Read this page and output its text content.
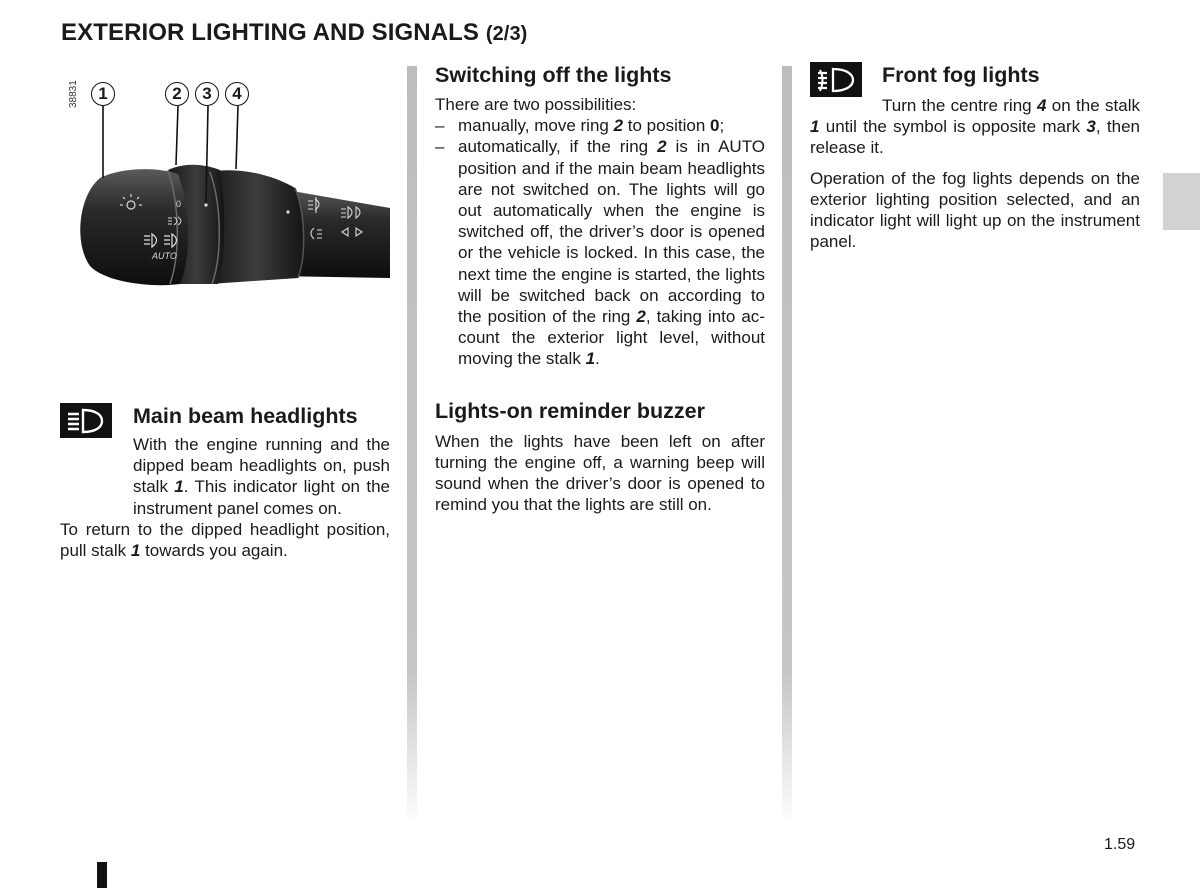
EXTERIOR LIGHTING AND SIGNALS (2/3)
0
AUTO
38831	1	2	3	4
Main beam headlights

With the engine running and the dipped beam headlights on, push stalk 1. This indicator light on the instrument panel comes on.

To return to the dipped headlight position, pull stalk 1 towards you again.

Switching off the lights

There are two possibilities:

– manually, move ring 2 to position 0;
– automatically, if the ring 2 is in AUTO position and if the main beam headlights are not switched on. The lights will go out automatically when the engine is switched off, the driver’s door is opened or the vehicle is locked. In this case, the next time the engine is started, the lights will be switched back on according to the position of the ring 2, taking into account the exterior light level, without moving the stalk 1.
Lights-on reminder buzzer

When the lights have been left on after turning the engine off, a warning beep will sound when the driver’s door is opened to remind you that the lights are still on.

Front fog lights

Turn the centre ring 4 on the stalk 1 until the symbol is opposite mark 3, then release it.

Operation of the fog lights depends on the exterior lighting position selected, and an indicator light will light up on the instrument panel.

1.59
